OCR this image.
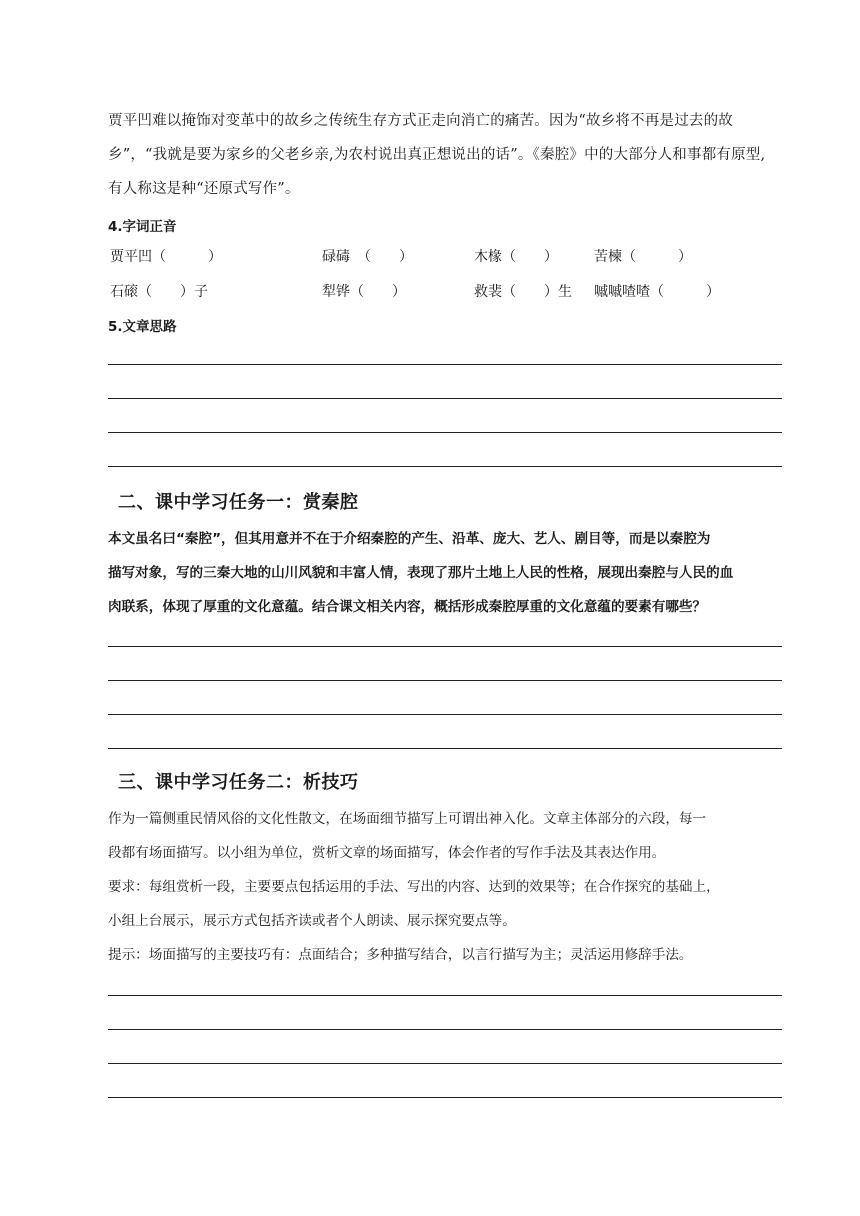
贾平凹难以掩饰对变革中的故乡之传统生存方式正走向消亡的痛苦。因为“故乡将不再是过去的故
乡”，“我就是要为家乡的父老乡亲,为农村说出真正想说出的话”。《秦腔》中的大部分人和事都有原型,
有人称这是种“还原式写作”。
4.字词正音
贾平凹（　　　）	碌碡　（　　）	木椽（　　）	苦楝（　　　）
石磙（　　）子	犁铧（　　）	救裴（　　）生 嘁嘁喳喳（　　　）
5.文章思路
二、课中学习任务一：赏秦腔
本文虽名曰“秦腔”，但其用意并不在于介绍秦腔的产生、沿革、庞大、艺人、剧目等，而是以秦腔为
描写对象，写的三秦大地的山川风貌和丰富人情，表现了那片土地上人民的性格，展现出秦腔与人民的血
肉联系，体现了厚重的文化意蕴。结合课文相关内容，概括形成秦腔厚重的文化意蕴的要素有哪些？
三、课中学习任务二：析技巧
作为一篇侧重民情风俗的文化性散文，在场面细节描写上可谓出神入化。文章主体部分的六段，每一
段都有场面描写。以小组为单位，赏析文章的场面描写，体会作者的写作手法及其表达作用。
要求：每组赏析一段，主要要点包括运用的手法、写出的内容、达到的效果等；在合作探究的基础上，
小组上台展示，展示方式包括齐读或者个人朗读、展示探究要点等。
提示：场面描写的主要技巧有：点面结合；多种描写结合，以言行描写为主；灵活运用修辞手法。
